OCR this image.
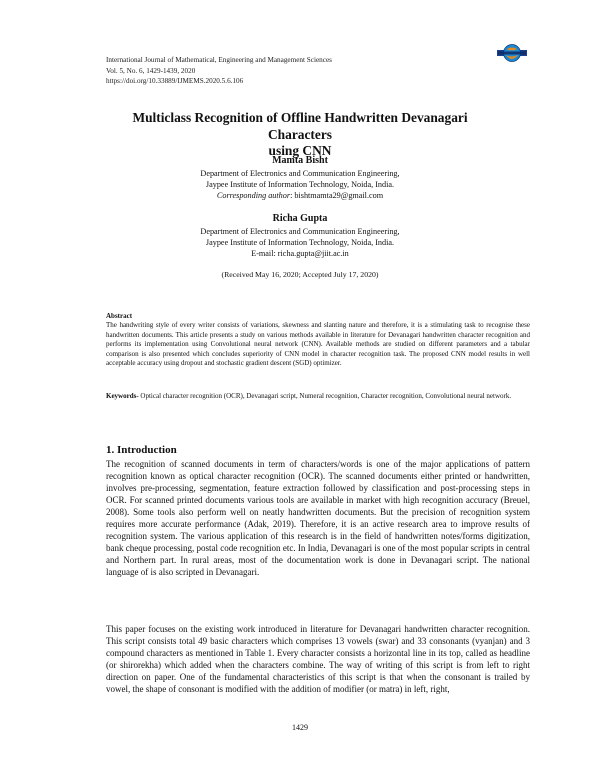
International Journal of Mathematical, Engineering and Management Sciences
Vol. 5, No. 6, 1429-1439, 2020
https://doi.org/10.33889/IJMEMS.2020.5.6.106
Multiclass Recognition of Offline Handwritten Devanagari Characters
using CNN
Mamta Bisht
Department of Electronics and Communication Engineering,
Jaypee Institute of Information Technology, Noida, India.
Corresponding author: bishtmamta29@gmail.com
Richa Gupta
Department of Electronics and Communication Engineering,
Jaypee Institute of Information Technology, Noida, India.
E-mail: richa.gupta@jiit.ac.in
(Received May 16, 2020; Accepted July 17, 2020)
Abstract
The handwriting style of every writer consists of variations, skewness and slanting nature and therefore, it is a stimulating task to recognise these handwritten documents. This article presents a study on various methods available in literature for Devanagari handwritten character recognition and performs its implementation using Convolutional neural network (CNN). Available methods are studied on different parameters and a tabular comparison is also presented which concludes superiority of CNN model in character recognition task. The proposed CNN model results in well acceptable accuracy using dropout and stochastic gradient descent (SGD) optimizer.
Keywords- Optical character recognition (OCR), Devanagari script, Numeral recognition, Character recognition, Convolutional neural network.
1. Introduction
The recognition of scanned documents in term of characters/words is one of the major applications of pattern recognition known as optical character recognition (OCR). The scanned documents either printed or handwritten, involves pre-processing, segmentation, feature extraction followed by classification and post-processing steps in OCR. For scanned printed documents various tools are available in market with high recognition accuracy (Breuel, 2008). Some tools also perform well on neatly handwritten documents. But the precision of recognition system requires more accurate performance (Adak, 2019). Therefore, it is an active research area to improve results of recognition system. The various application of this research is in the field of handwritten notes/forms digitization, bank cheque processing, postal code recognition etc. In India, Devanagari is one of the most popular scripts in central and Northern part. In rural areas, most of the documentation work is done in Devanagari script. The national language of is also scripted in Devanagari.
This paper focuses on the existing work introduced in literature for Devanagari handwritten character recognition. This script consists total 49 basic characters which comprises 13 vowels (swar) and 33 consonants (vyanjan) and 3 compound characters as mentioned in Table 1. Every character consists a horizontal line in its top, called as headline (or shirorekha) which added when the characters combine. The way of writing of this script is from left to right direction on paper. One of the fundamental characteristics of this script is that when the consonant is trailed by vowel, the shape of consonant is modified with the addition of modifier (or matra) in left, right,
1429
